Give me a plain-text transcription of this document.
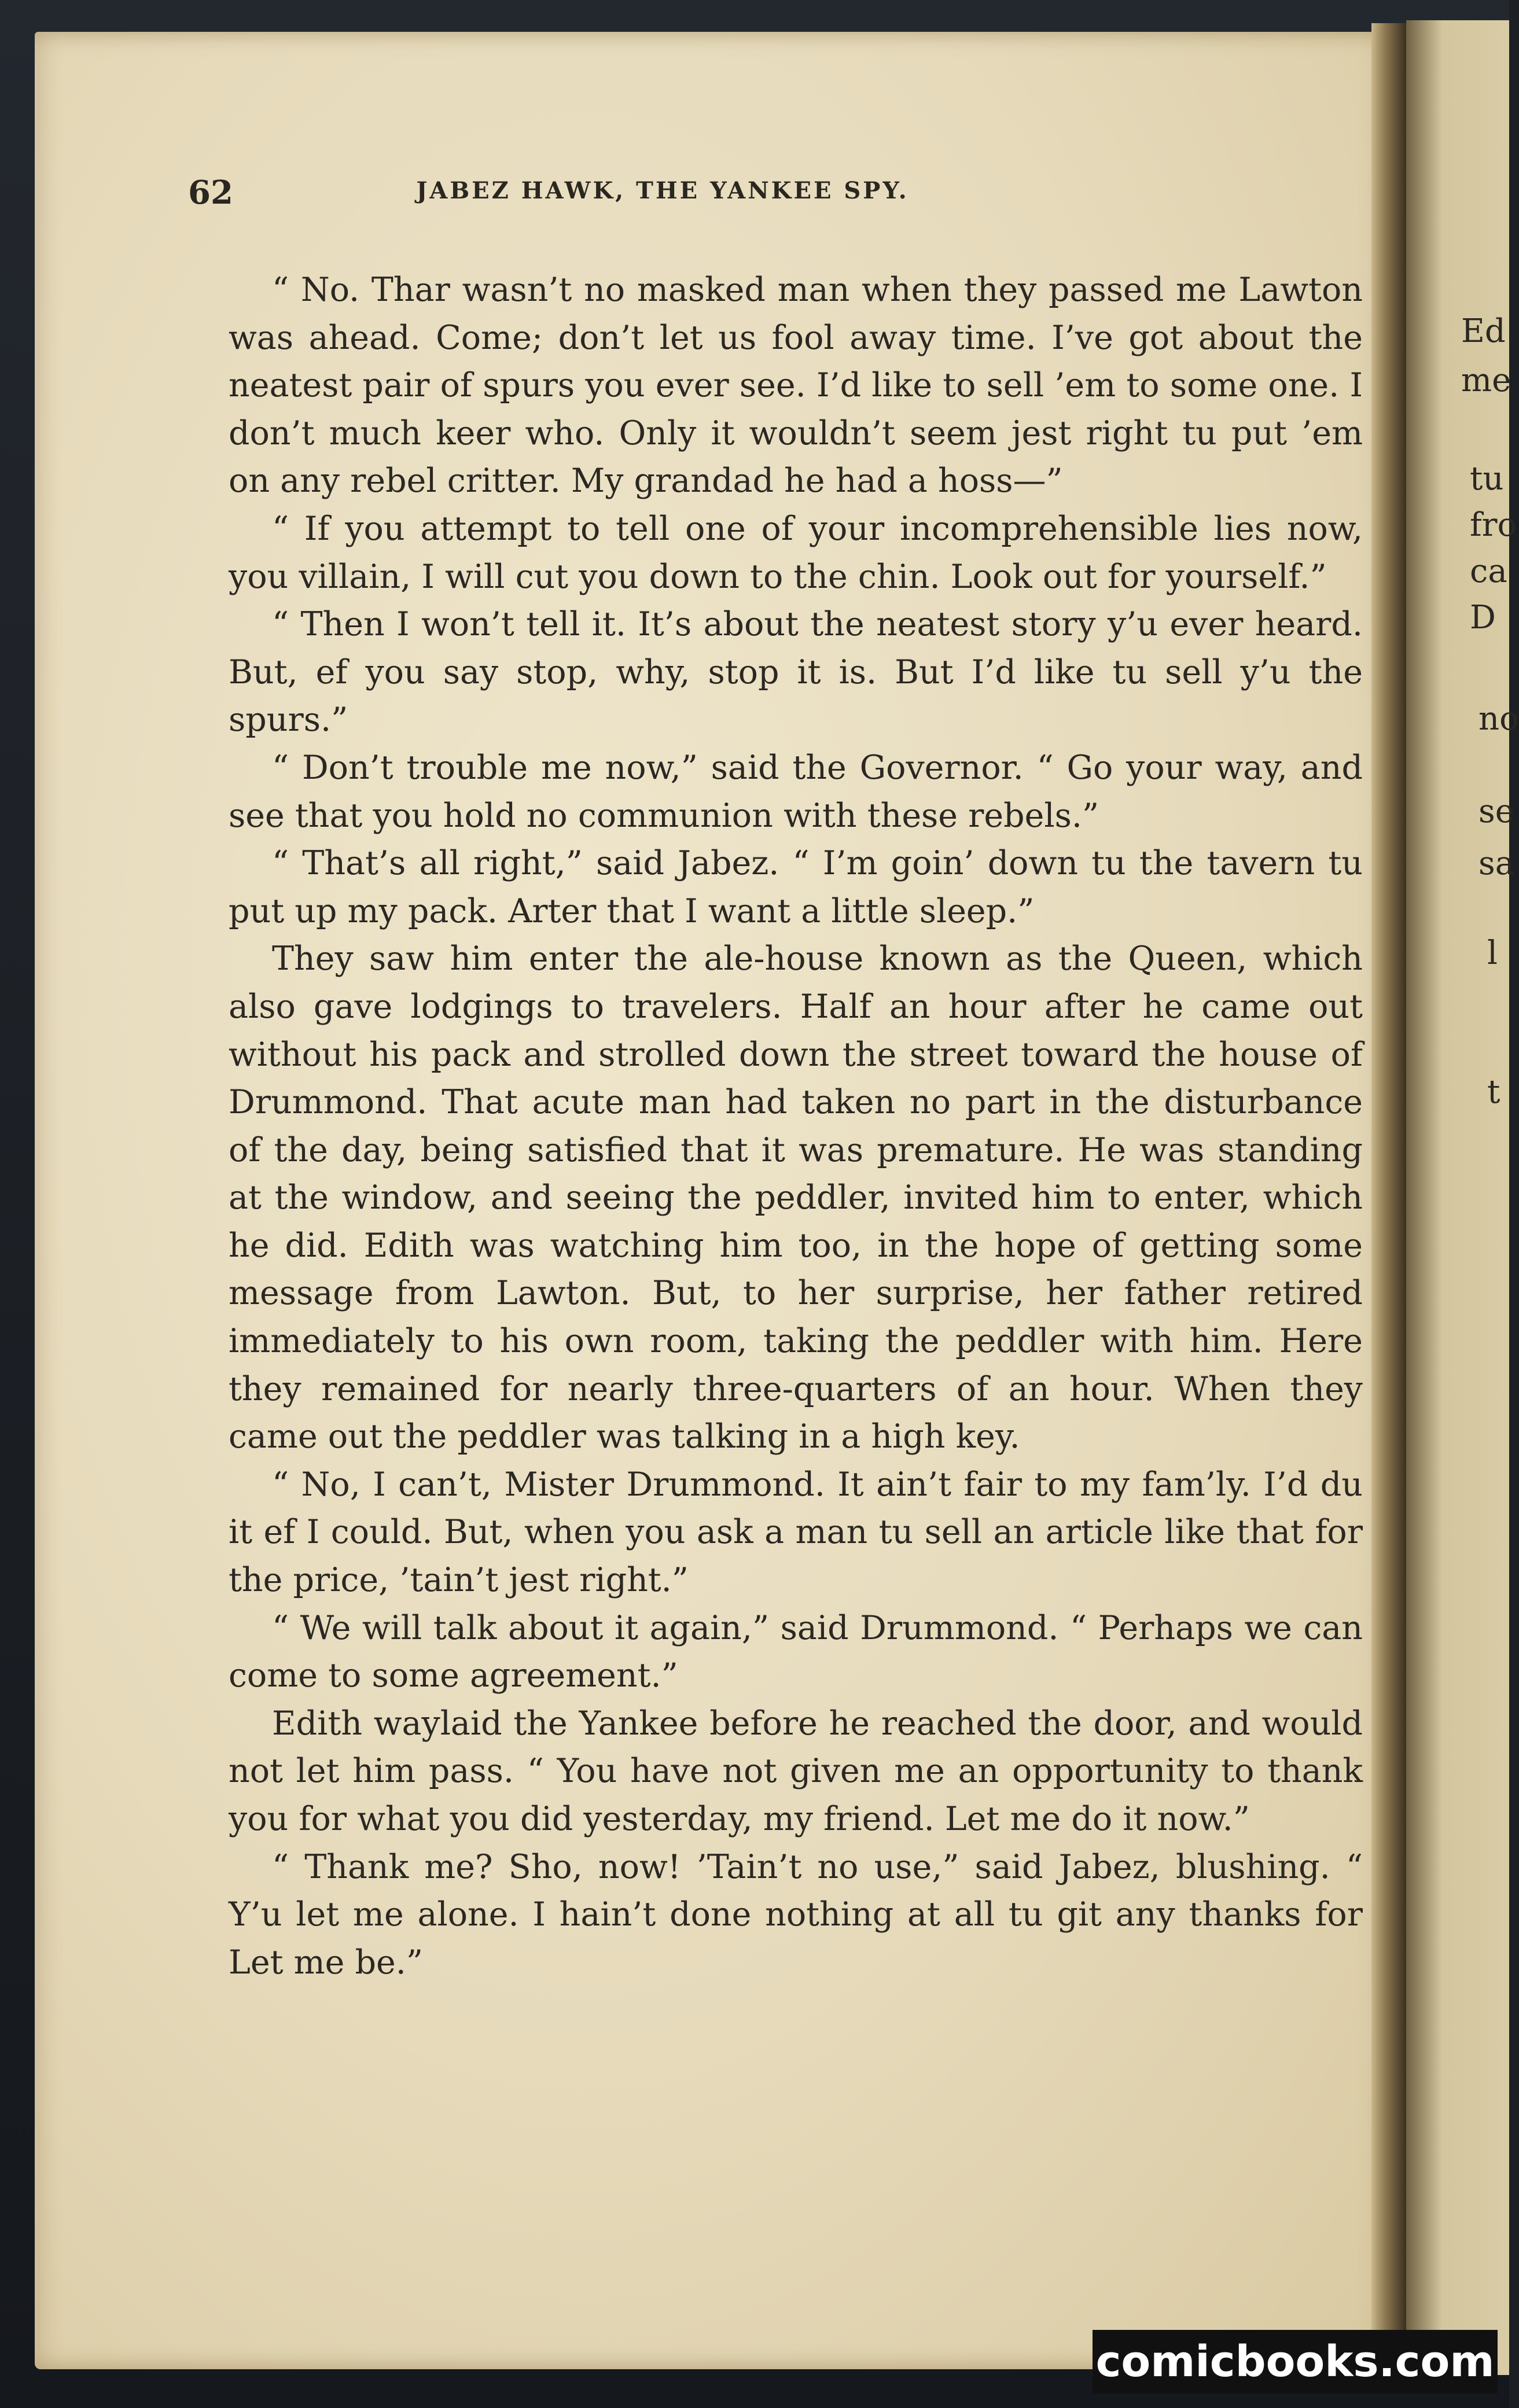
Ed
me
tu
fro
ca
D
no
se
sa
l
t
62	JABEZ HAWK, THE YANKEE SPY.

“ No. Thar wasn’t no masked man when they passed me Lawton was ahead. Come; don’t let us fool away time. I’ve got about the neatest pair of spurs you ever see. I’d like to sell ’em to some one. I don’t much keer who. Only it wouldn’t seem jest right tu put ’em on any rebel critter. My grandad he had a hoss—”

“ If you attempt to tell one of your incomprehensible lies now, you villain, I will cut you down to the chin. Look out for yourself.”

“ Then I won’t tell it. It’s about the neatest story y’u ever heard. But, ef you say stop, why, stop it is. But I’d like tu sell y’u the spurs.”

“ Don’t trouble me now,” said the Governor. “ Go your way, and see that you hold no communion with these rebels.”

“ That’s all right,” said Jabez. “ I’m goin’ down tu the tavern tu put up my pack. Arter that I want a little sleep.”

They saw him enter the ale-house known as the Queen, which also gave lodgings to travelers. Half an hour after he came out without his pack and strolled down the street toward the house of Drummond. That acute man had taken no part in the disturbance of the day, being satisfied that it was premature. He was standing at the window, and seeing the peddler, invited him to enter, which he did. Edith was watching him too, in the hope of getting some message from Lawton. But, to her surprise, her father retired immediately to his own room, taking the peddler with him. Here they remained for nearly three-quarters of an hour. When they came out the peddler was talking in a high key.

“ No, I can’t, Mister Drummond. It ain’t fair to my fam’ly. I’d du it ef I could. But, when you ask a man tu sell an article like that for the price, ’tain’t jest right.”

“ We will talk about it again,” said Drummond. “ Perhaps we can come to some agreement.”

Edith waylaid the Yankee before he reached the door, and would not let him pass. “ You have not given me an opportunity to thank you for what you did yesterday, my friend. Let me do it now.”

“ Thank me? Sho, now! ’Tain’t no use,” said Jabez, blushing. “ Y’u let me alone. I hain’t done nothing at all tu git any thanks for Let me be.”

comicbooks.com
